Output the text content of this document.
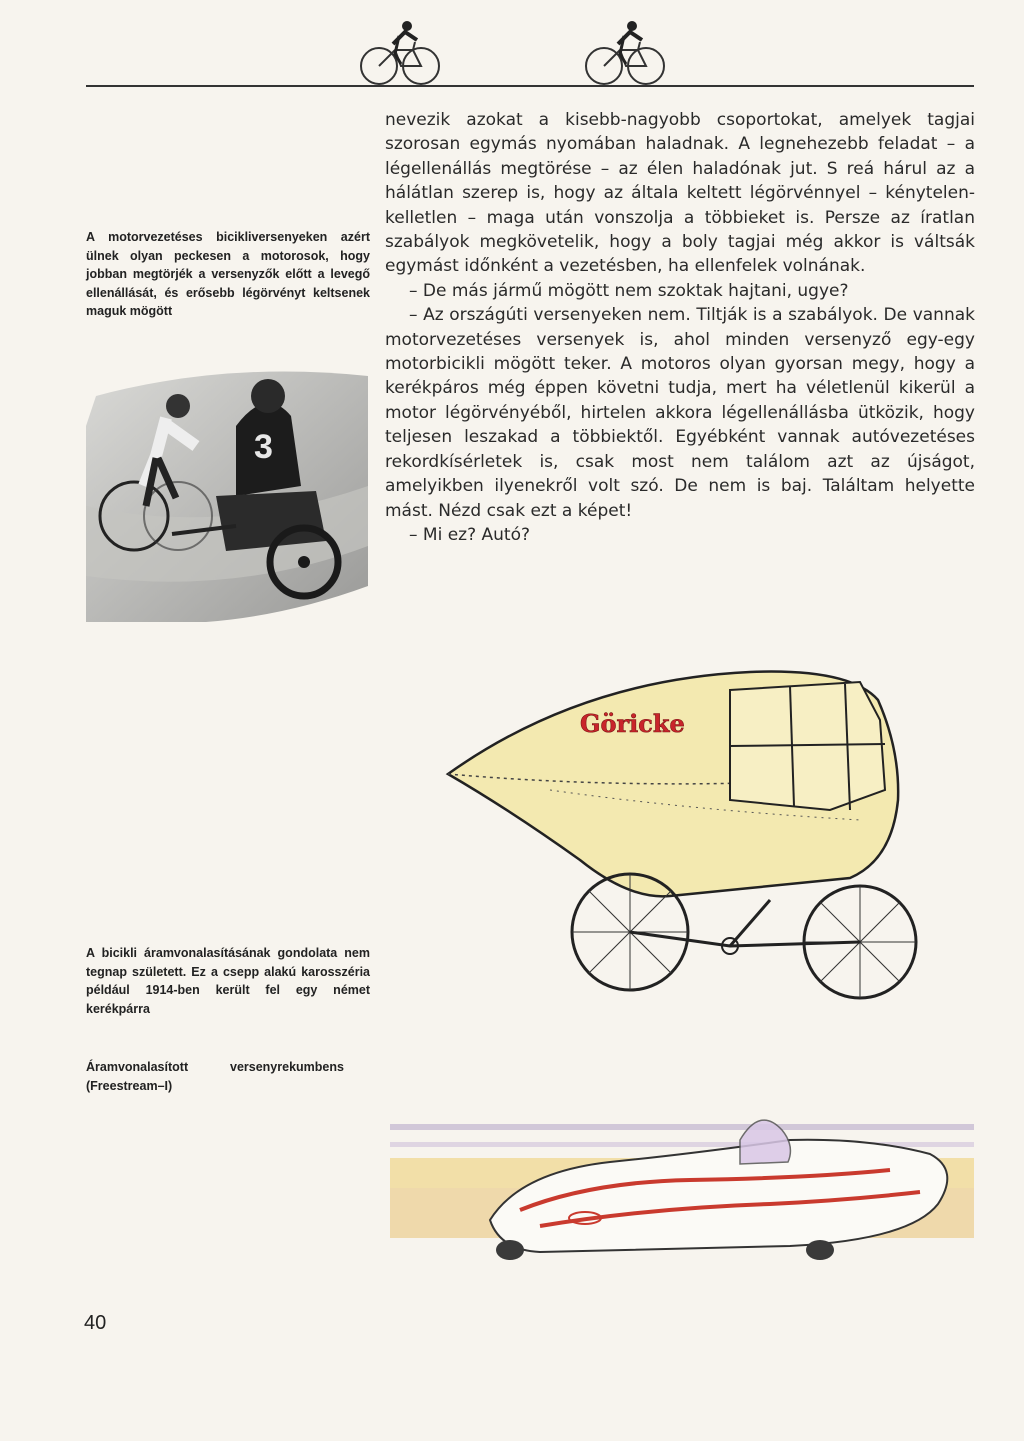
A motorvezetéses bicikliversenyeken azért ülnek olyan peckesen a motorosok, hogy jobban megtörjék a versenyzők előtt a levegő ellenállását, és erősebb légörvényt keltsenek maguk mögött

nevezik azokat a kisebb-nagyobb csoportokat, amelyek tagjai szorosan egymás nyomában haladnak. A legnehezebb feladat – a légellenállás megtörése – az élen haladónak jut. S reá hárul az a hálátlan szerep is, hogy az általa keltett légörvénnyel – kénytelen-kelletlen – maga után vonszolja a többieket is. Persze az íratlan szabályok megkövetelik, hogy a boly tagjai még akkor is váltsák egymást időnként a vezetésben, ha ellenfelek volnának.

– De más jármű mögött nem szoktak hajtani, ugye?

– Az országúti versenyeken nem. Tiltják is a szabályok. De vannak motorvezetéses versenyek is, ahol minden versenyző egy-egy motorbicikli mögött teker. A motoros olyan gyorsan megy, hogy a kerékpáros még éppen követni tudja, mert ha véletlenül kikerül a motor légörvényéből, hirtelen akkora légellenállásba ütközik, hogy teljesen leszakad a többiektől. Egyébként vannak autóvezetéses rekordkísérletek is, csak most nem találom azt az újságot, amelyikben ilyenekről volt szó. De nem is baj. Találtam helyette mást. Nézd csak ezt a képet!

– Mi ez? Autó?

3
Göricke
A bicikli áramvonalasításának gondolata nem tegnap született. Ez a csepp alakú karosszéria például 1914-ben került fel egy német kerékpárra
Áramvonalasított	versenyrekumbens
(Freestream–I)
40
